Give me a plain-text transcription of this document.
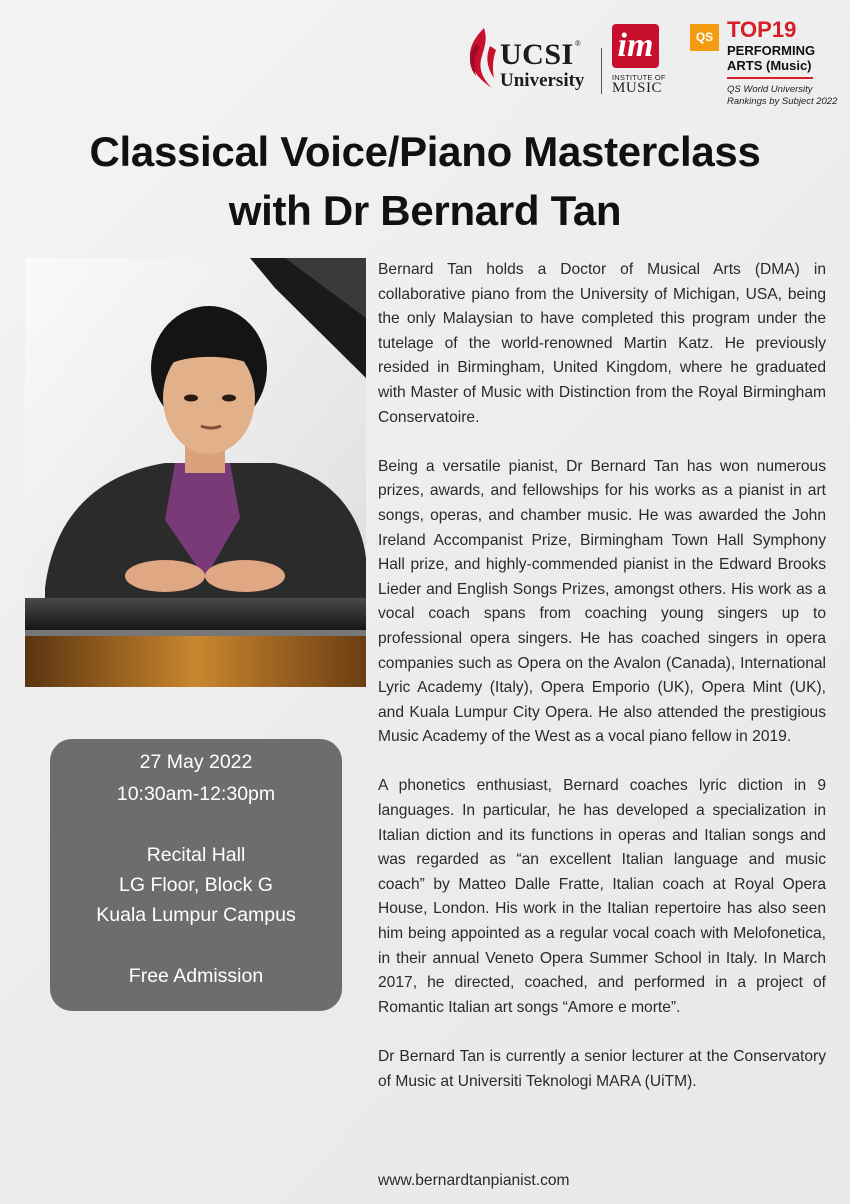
UCSI®
University
im
INSTITUTE OF
MUSIC
QS TOP19
PERFORMING
ARTS (Music)
QS World University
Rankings by Subject 2022
Classical Voice/Piano Masterclass
with Dr Bernard Tan
27 May 2022
10:30am-12:30pm
Recital Hall
LG Floor, Block G
Kuala Lumpur Campus
Free Admission

Bernard Tan holds a Doctor of Musical Arts (DMA) in collaborative piano from the University of Michigan, USA, being the only Malaysian to have completed this program under the tutelage of the world-renowned Martin Katz. He previously resided in Birmingham, United Kingdom, where he graduated with Master of Music with Distinction from the Royal Birmingham Conservatoire.

Being a versatile pianist, Dr Bernard Tan has won numerous prizes, awards, and fellowships for his works as a pianist in art songs, operas, and chamber music. He was awarded the John Ireland Accompanist Prize, Birmingham Town Hall Symphony Hall prize, and highly-commended pianist in the Edward Brooks Lieder and English Songs Prizes, amongst others. His work as a vocal coach spans from coaching young singers up to professional opera singers. He has coached singers in opera companies such as Opera on the Avalon (Canada), International Lyric Academy (Italy), Opera Emporio (UK), Opera Mint (UK), and Kuala Lumpur City Opera. He also attended the prestigious Music Academy of the West as a vocal piano fellow in 2019.

A phonetics enthusiast, Bernard coaches lyric diction in 9 languages. In particular, he has developed a specialization in Italian diction and its functions in operas and Italian songs and was regarded as “an excellent Italian language and music coach” by Matteo Dalle Fratte, Italian coach at Royal Opera House, London. His work in the Italian repertoire has also seen him being appointed as a regular vocal coach with Melofonetica, in their annual Veneto Opera Summer School in Italy. In March 2017, he directed, coached, and performed in a project of Romantic Italian art songs “Amore e morte”.

Dr Bernard Tan is currently a senior lecturer at the Conservatory of Music at Universiti Teknologi MARA (UiTM).

www.bernardtanpianist.com
